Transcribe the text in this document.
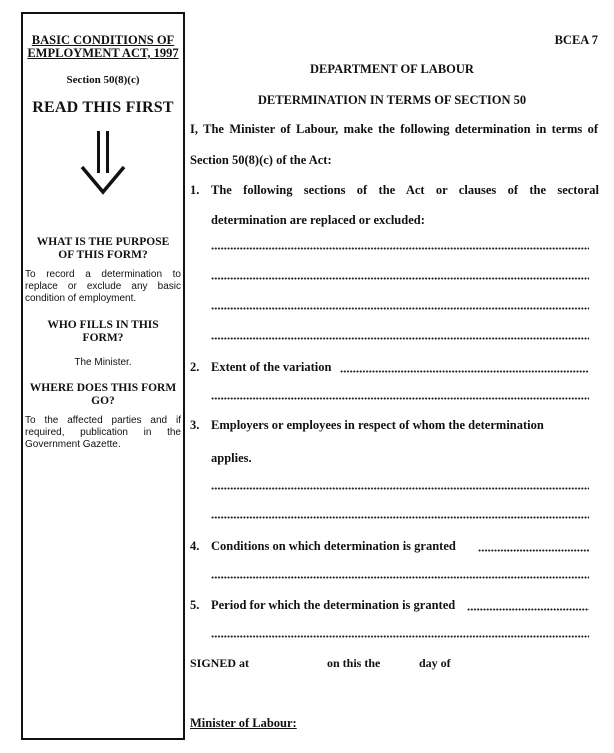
BASIC CONDITIONS OF
EMPLOYMENT ACT, 1997
Section 50(8)(c)
READ THIS FIRST
WHAT IS THE PURPOSE
OF THIS FORM?
To record a determination to replace or exclude any basic condition of employment.
WHO FILLS IN THIS
FORM?
The Minister.
WHERE DOES THIS FORM
GO?
To the affected parties and if required, publication in the Government Gazette.
BCEA 7
DEPARTMENT OF LABOUR
DETERMINATION IN TERMS OF SECTION 50
I, The Minister of Labour, make the following determination in terms of
Section 50(8)(c) of the Act:
1. The following sections of the Act or clauses of the sectoral
determination are replaced or excluded:
2. Extent of the variation
3. Employers or employees in respect of whom the determination
applies.
4. Conditions on which determination is granted
5. Period for which the determination is granted
SIGNED at	on this the	day of
Minister of Labour:
